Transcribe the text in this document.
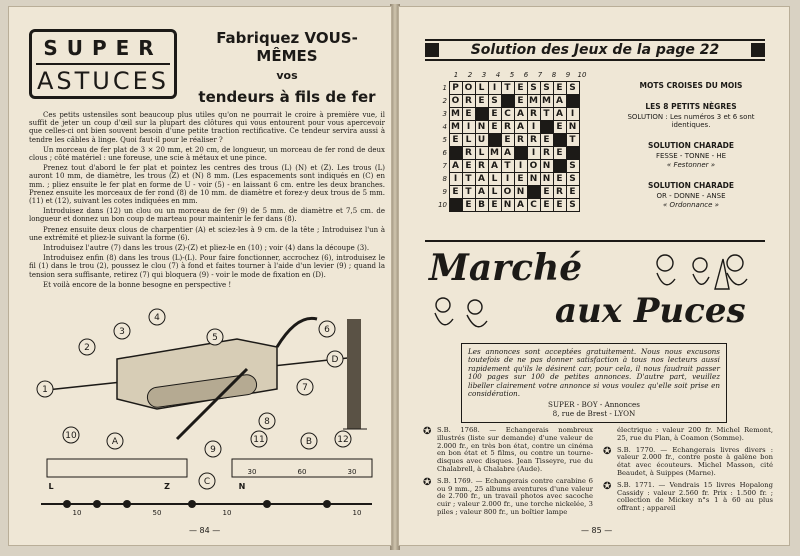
SUPER
ASTUCES
Fabriquez VOUS-MÊMES
vos
tendeurs à fils de fer

Ces petits ustensiles sont beaucoup plus utiles qu'on ne pourrait le croire à première vue, il suffit de jeter un coup d'œil sur la plupart des clôtures qui vous entourent pour vous apercevoir que celles-ci ont bien souvent besoin d'une petite traction rectificative. Ce tendeur servira aussi à tendre les câbles à linge. Quoi faut-il pour le réaliser ?

Un morceau de fer plat de 3 × 20 mm, et 20 cm, de longueur, un morceau de fer rond de deux clous ; côté matériel : une foreuse, une scie à métaux et une pince.

Prenez tout d'abord le fer plat et pointez les centres des trous (L) (N) et (Z). Les trous (L) auront 10 mm, de diamètre, les trous (Z) et (N) 8 mm. (Les espacements sont indiqués en (C) en mm. ; pliez ensuite le fer plat en forme de U - voir (5) - en laissant 6 cm. entre les deux branches. Prenez ensuite les morceaux de fer rond (8) de 10 mm. de diamètre et forez-y deux trous de 5 mm. (11) et (12), suivant les cotes indiquées en mm.

Introduisez dans (12) un clou ou un morceau de fer (9) de 5 mm. de diamètre et 7,5 cm. de longueur et donnez un bon coup de marteau pour maintenir le fer dans (8).

Prenez ensuite deux clous de charpentier (A) et sciez-les à 9 cm. de la tête ; Introduisez l'un à une extrémité et pliez-le suivant la forme (6).

Introduisez l'autre (7) dans les trous (Z)-(Z) et pliez-le en (10) ; voir (4) dans la découpe (3).

Introduisez enfin (8) dans les trous (L)-(L). Pour faire fonctionner, accrochez (6), introduisez le fil (1) dans le trou (2), poussez le clou (7) à fond et faites tourner à l'aide d'un levier (9) ; quand la tension sera suffisante, retirez (7) qui bloquera (9) - voir le mode de fixation en (D).

Et voilà encore de la bonne besogne en perspective !

1
2
3
4
5
6
7
8
9
10	11	12
A	B
C
D
10	50	10
30	60	30
10
L	Z	N
— 84 —
Solution des Jeux de la page 22
1	2	3	4	5	6	7	8	9	10
1 P O L I T E S S E S
2 O R E S	E M M A
3 M E	E C A R T A I
4 M I N E R A I	E N
5 E L U	E R R E	T
6	R L M A	I R E
7 A E R A T I O N	S
8 I T A L I E N N E S
9 E T A L O N	E R E
10	E B E N A C E E S
MOTS CROISES DU MOIS
LES 8 PETITS NÈGRES
SOLUTION : Les numéros 3 et 6 sont identiques.
SOLUTION CHARADE
FESSE - TONNE - HE
« Festonner »
SOLUTION CHARADE
OR - DONNE - ANSE
« Ordonnance »
Marché
aux Puces
Les annonces sont acceptées gratuitement. Nous nous excusons toutefois de ne pas donner satisfaction à tous nos lecteurs aussi rapidement qu'ils le désirent car, pour cela, il nous faudrait passer 100 pages sur 100 de petites annonces. D'autre part, veuillez libeller clairement votre annonce si vous voulez qu'elle soit prise en considération.
SUPER - BOY - Annonces
8, rue de Brest - LYON
✪ S.B. 1768. — Echangerais nombreux illustrés (liste sur demande) d'une valeur de 2.000 fr., en très bon état, contre un cinéma en bon état et 5 films, ou contre un tourne-disques avec disques. Jean Tisseyre, rue du Chalabrell, à Chalabre (Aude).
✪ S.B. 1769. — Echangerais contre carabine 6 ou 9 mm., 25 albums aventures d'une valeur de 2.700 fr., un travail photos avec sacoche cuir ; valeur 2.000 fr., une torche nickelée, 3 piles ; valeur 800 fr., un boîtier lampe
électrique : valeur 200 fr. Michel Remont, 25, rue du Plan, à Coamon (Somme).
✪ S.B. 1770. — Echangerais livres divers : valeur 2.000 fr., contre poste à galène bon état avec écouteurs. Michel Masson, cité Beaudet, à Suippes (Marne).
✪ S.B. 1771. — Vendrais 15 livres Hopalong Cassidy : valeur 2.560 fr. Prix : 1.500 fr. ; collection de Mickey n°s 1 à 60 au plus offrant ; appareil
— 85 —
